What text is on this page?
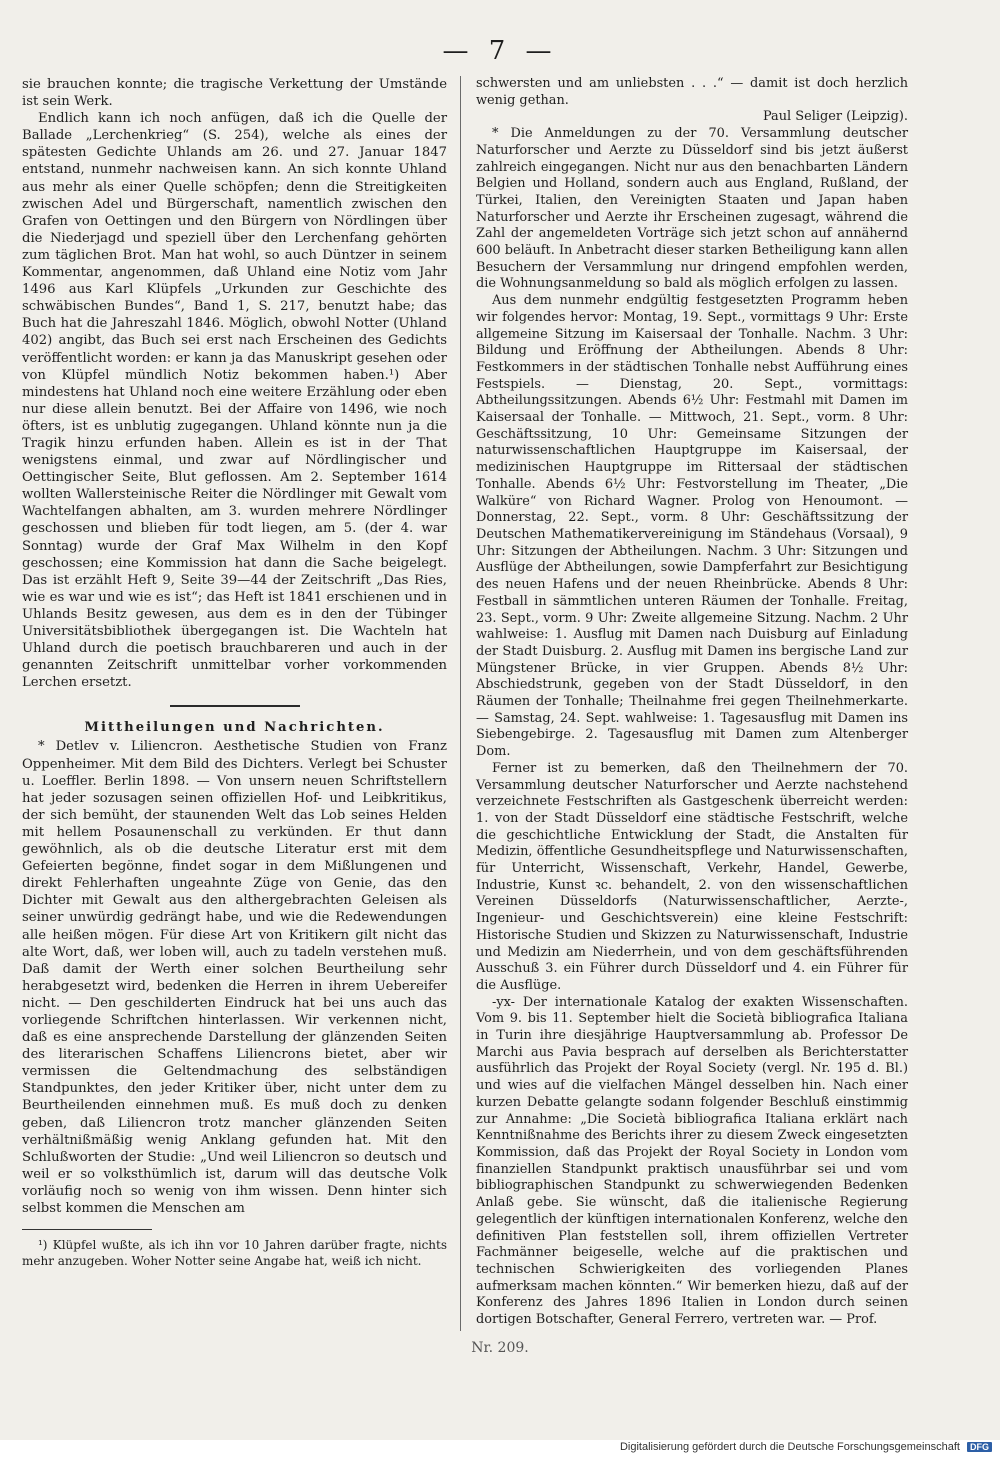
— 7 —

sie brauchen konnte; die tragische Verkettung der Umstände ist sein Werk.

Endlich kann ich noch anfügen, daß ich die Quelle der Ballade „Lerchenkrieg“ (S. 254), welche als eines der spätesten Gedichte Uhlands am 26. und 27. Januar 1847 entstand, nunmehr nachweisen kann. An sich konnte Uhland aus mehr als einer Quelle schöpfen; denn die Streitigkeiten zwischen Adel und Bürgerschaft, namentlich zwischen den Grafen von Oettingen und den Bürgern von Nördlingen über die Niederjagd und speziell über den Lerchenfang gehörten zum täglichen Brot. Man hat wohl, so auch Düntzer in seinem Kommentar, angenommen, daß Uhland eine Notiz vom Jahr 1496 aus Karl Klüpfels „Urkunden zur Geschichte des schwäbischen Bundes“, Band 1, S. 217, benutzt habe; das Buch hat die Jahreszahl 1846. Möglich, obwohl Notter (Uhland 402) angibt, das Buch sei erst nach Erscheinen des Gedichts veröffentlicht worden: er kann ja das Manuskript gesehen oder von Klüpfel mündlich Notiz bekommen haben.¹) Aber mindestens hat Uhland noch eine weitere Erzählung oder eben nur diese allein benutzt. Bei der Affaire von 1496, wie noch öfters, ist es unblutig zugegangen. Uhland könnte nun ja die Tragik hinzu erfunden haben. Allein es ist in der That wenigstens einmal, und zwar auf Nördlingischer und Oettingischer Seite, Blut geflossen. Am 2. September 1614 wollten Wallersteinische Reiter die Nördlinger mit Gewalt vom Wachtelfangen abhalten, am 3. wurden mehrere Nördlinger geschossen und blieben für todt liegen, am 5. (der 4. war Sonntag) wurde der Graf Max Wilhelm in den Kopf geschossen; eine Kommission hat dann die Sache beigelegt. Das ist erzählt Heft 9, Seite 39—44 der Zeitschrift „Das Ries, wie es war und wie es ist“; das Heft ist 1841 erschienen und in Uhlands Besitz gewesen, aus dem es in den der Tübinger Universitätsbibliothek übergegangen ist. Die Wachteln hat Uhland durch die poetisch brauchbareren und auch in der genannten Zeitschrift unmittelbar vorher vorkommenden Lerchen ersetzt.

Mittheilungen und Nachrichten.

* Detlev v. Liliencron. Aesthetische Studien von Franz Oppenheimer. Mit dem Bild des Dichters. Verlegt bei Schuster u. Loeffler. Berlin 1898. — Von unsern neuen Schriftstellern hat jeder sozusagen seinen offiziellen Hof- und Leibkritikus, der sich bemüht, der staunenden Welt das Lob seines Helden mit hellem Posaunenschall zu verkünden. Er thut dann gewöhnlich, als ob die deutsche Literatur erst mit dem Gefeierten begönne, findet sogar in dem Mißlungenen und direkt Fehlerhaften ungeahnte Züge von Genie, das den Dichter mit Gewalt aus den althergebrachten Geleisen als seiner unwürdig gedrängt habe, und wie die Redewendungen alle heißen mögen. Für diese Art von Kritikern gilt nicht das alte Wort, daß, wer loben will, auch zu tadeln verstehen muß. Daß damit der Werth einer solchen Beurtheilung sehr herabgesetzt wird, bedenken die Herren in ihrem Uebereifer nicht. — Den geschilderten Eindruck hat bei uns auch das vorliegende Schriftchen hinterlassen. Wir verkennen nicht, daß es eine ansprechende Darstellung der glänzenden Seiten des literarischen Schaffens Liliencrons bietet, aber wir vermissen die Geltendmachung des selbständigen Standpunktes, den jeder Kritiker über, nicht unter dem zu Beurtheilenden einnehmen muß. Es muß doch zu denken geben, daß Liliencron trotz mancher glänzenden Seiten verhältnißmäßig wenig Anklang gefunden hat. Mit den Schlußworten der Studie: „Und weil Liliencron so deutsch und weil er so volksthümlich ist, darum will das deutsche Volk vorläufig noch so wenig von ihm wissen. Denn hinter sich selbst kommen die Menschen am

¹) Klüpfel wußte, als ich ihn vor 10 Jahren darüber fragte, nichts mehr anzugeben. Woher Notter seine Angabe hat, weiß ich nicht.

schwersten und am unliebsten . . .“ — damit ist doch herzlich wenig gethan.

Paul Seliger (Leipzig).

* Die Anmeldungen zu der 70. Versammlung deutscher Naturforscher und Aerzte zu Düsseldorf sind bis jetzt äußerst zahlreich eingegangen. Nicht nur aus den benachbarten Ländern Belgien und Holland, sondern auch aus England, Rußland, der Türkei, Italien, den Vereinigten Staaten und Japan haben Naturforscher und Aerzte ihr Erscheinen zugesagt, während die Zahl der angemeldeten Vorträge sich jetzt schon auf annähernd 600 beläuft. In Anbetracht dieser starken Betheiligung kann allen Besuchern der Versammlung nur dringend empfohlen werden, die Wohnungsanmeldung so bald als möglich erfolgen zu lassen.

Aus dem nunmehr endgültig festgesetzten Programm heben wir folgendes hervor: Montag, 19. Sept., vormittags 9 Uhr: Erste allgemeine Sitzung im Kaisersaal der Tonhalle. Nachm. 3 Uhr: Bildung und Eröffnung der Abtheilungen. Abends 8 Uhr: Festkommers in der städtischen Tonhalle nebst Aufführung eines Festspiels. — Dienstag, 20. Sept., vormittags: Abtheilungssitzungen. Abends 6½ Uhr: Festmahl mit Damen im Kaisersaal der Tonhalle. — Mittwoch, 21. Sept., vorm. 8 Uhr: Geschäftssitzung, 10 Uhr: Gemeinsame Sitzungen der naturwissenschaftlichen Hauptgruppe im Kaisersaal, der medizinischen Hauptgruppe im Rittersaal der städtischen Tonhalle. Abends 6½ Uhr: Festvorstellung im Theater, „Die Walküre“ von Richard Wagner. Prolog von Henoumont. — Donnerstag, 22. Sept., vorm. 8 Uhr: Geschäftssitzung der Deutschen Mathematikervereinigung im Ständehaus (Vorsaal), 9 Uhr: Sitzungen der Abtheilungen. Nachm. 3 Uhr: Sitzungen und Ausflüge der Abtheilungen, sowie Dampferfahrt zur Besichtigung des neuen Hafens und der neuen Rheinbrücke. Abends 8 Uhr: Festball in sämmtlichen unteren Räumen der Tonhalle. Freitag, 23. Sept., vorm. 9 Uhr: Zweite allgemeine Sitzung. Nachm. 2 Uhr wahlweise: 1. Ausflug mit Damen nach Duisburg auf Einladung der Stadt Duisburg. 2. Ausflug mit Damen ins bergische Land zur Müngstener Brücke, in vier Gruppen. Abends 8½ Uhr: Abschiedstrunk, gegeben von der Stadt Düsseldorf, in den Räumen der Tonhalle; Theilnahme frei gegen Theilnehmerkarte. — Samstag, 24. Sept. wahlweise: 1. Tagesausflug mit Damen ins Siebengebirge. 2. Tagesausflug mit Damen zum Altenberger Dom.

Ferner ist zu bemerken, daß den Theilnehmern der 70. Versammlung deutscher Naturforscher und Aerzte nachstehend verzeichnete Festschriften als Gastgeschenk überreicht werden: 1. von der Stadt Düsseldorf eine städtische Festschrift, welche die geschichtliche Entwicklung der Stadt, die Anstalten für Medizin, öffentliche Gesundheitspflege und Naturwissenschaften, für Unterricht, Wissenschaft, Verkehr, Handel, Gewerbe, Industrie, Kunst ꝛc. behandelt, 2. von den wissenschaftlichen Vereinen Düsseldorfs (Naturwissenschaftlicher, Aerzte-, Ingenieur- und Geschichtsverein) eine kleine Festschrift: Historische Studien und Skizzen zu Naturwissenschaft, Industrie und Medizin am Niederrhein, und von dem geschäftsführenden Ausschuß 3. ein Führer durch Düsseldorf und 4. ein Führer für die Ausflüge.

-yx- Der internationale Katalog der exakten Wissenschaften. Vom 9. bis 11. September hielt die Società bibliografica Italiana in Turin ihre diesjährige Hauptversammlung ab. Professor De Marchi aus Pavia besprach auf derselben als Berichterstatter ausführlich das Projekt der Royal Society (vergl. Nr. 195 d. Bl.) und wies auf die vielfachen Mängel desselben hin. Nach einer kurzen Debatte gelangte sodann folgender Beschluß einstimmig zur Annahme: „Die Società bibliografica Italiana erklärt nach Kenntnißnahme des Berichts ihrer zu diesem Zweck eingesetzten Kommission, daß das Projekt der Royal Society in London vom finanziellen Standpunkt praktisch unausführbar sei und vom bibliographischen Standpunkt zu schwerwiegenden Bedenken Anlaß gebe. Sie wünscht, daß die italienische Regierung gelegentlich der künftigen internationalen Konferenz, welche den definitiven Plan feststellen soll, ihrem offiziellen Vertreter Fachmänner beigeselle, welche auf die praktischen und technischen Schwierigkeiten des vorliegenden Planes aufmerksam machen könnten.“ Wir bemerken hiezu, daß auf der Konferenz des Jahres 1896 Italien in London durch seinen dortigen Botschafter, General Ferrero, vertreten war. — Prof.

Nr. 209.
Digitalisierung gefördert durch die Deutsche Forschungsgemeinschaft DFG
